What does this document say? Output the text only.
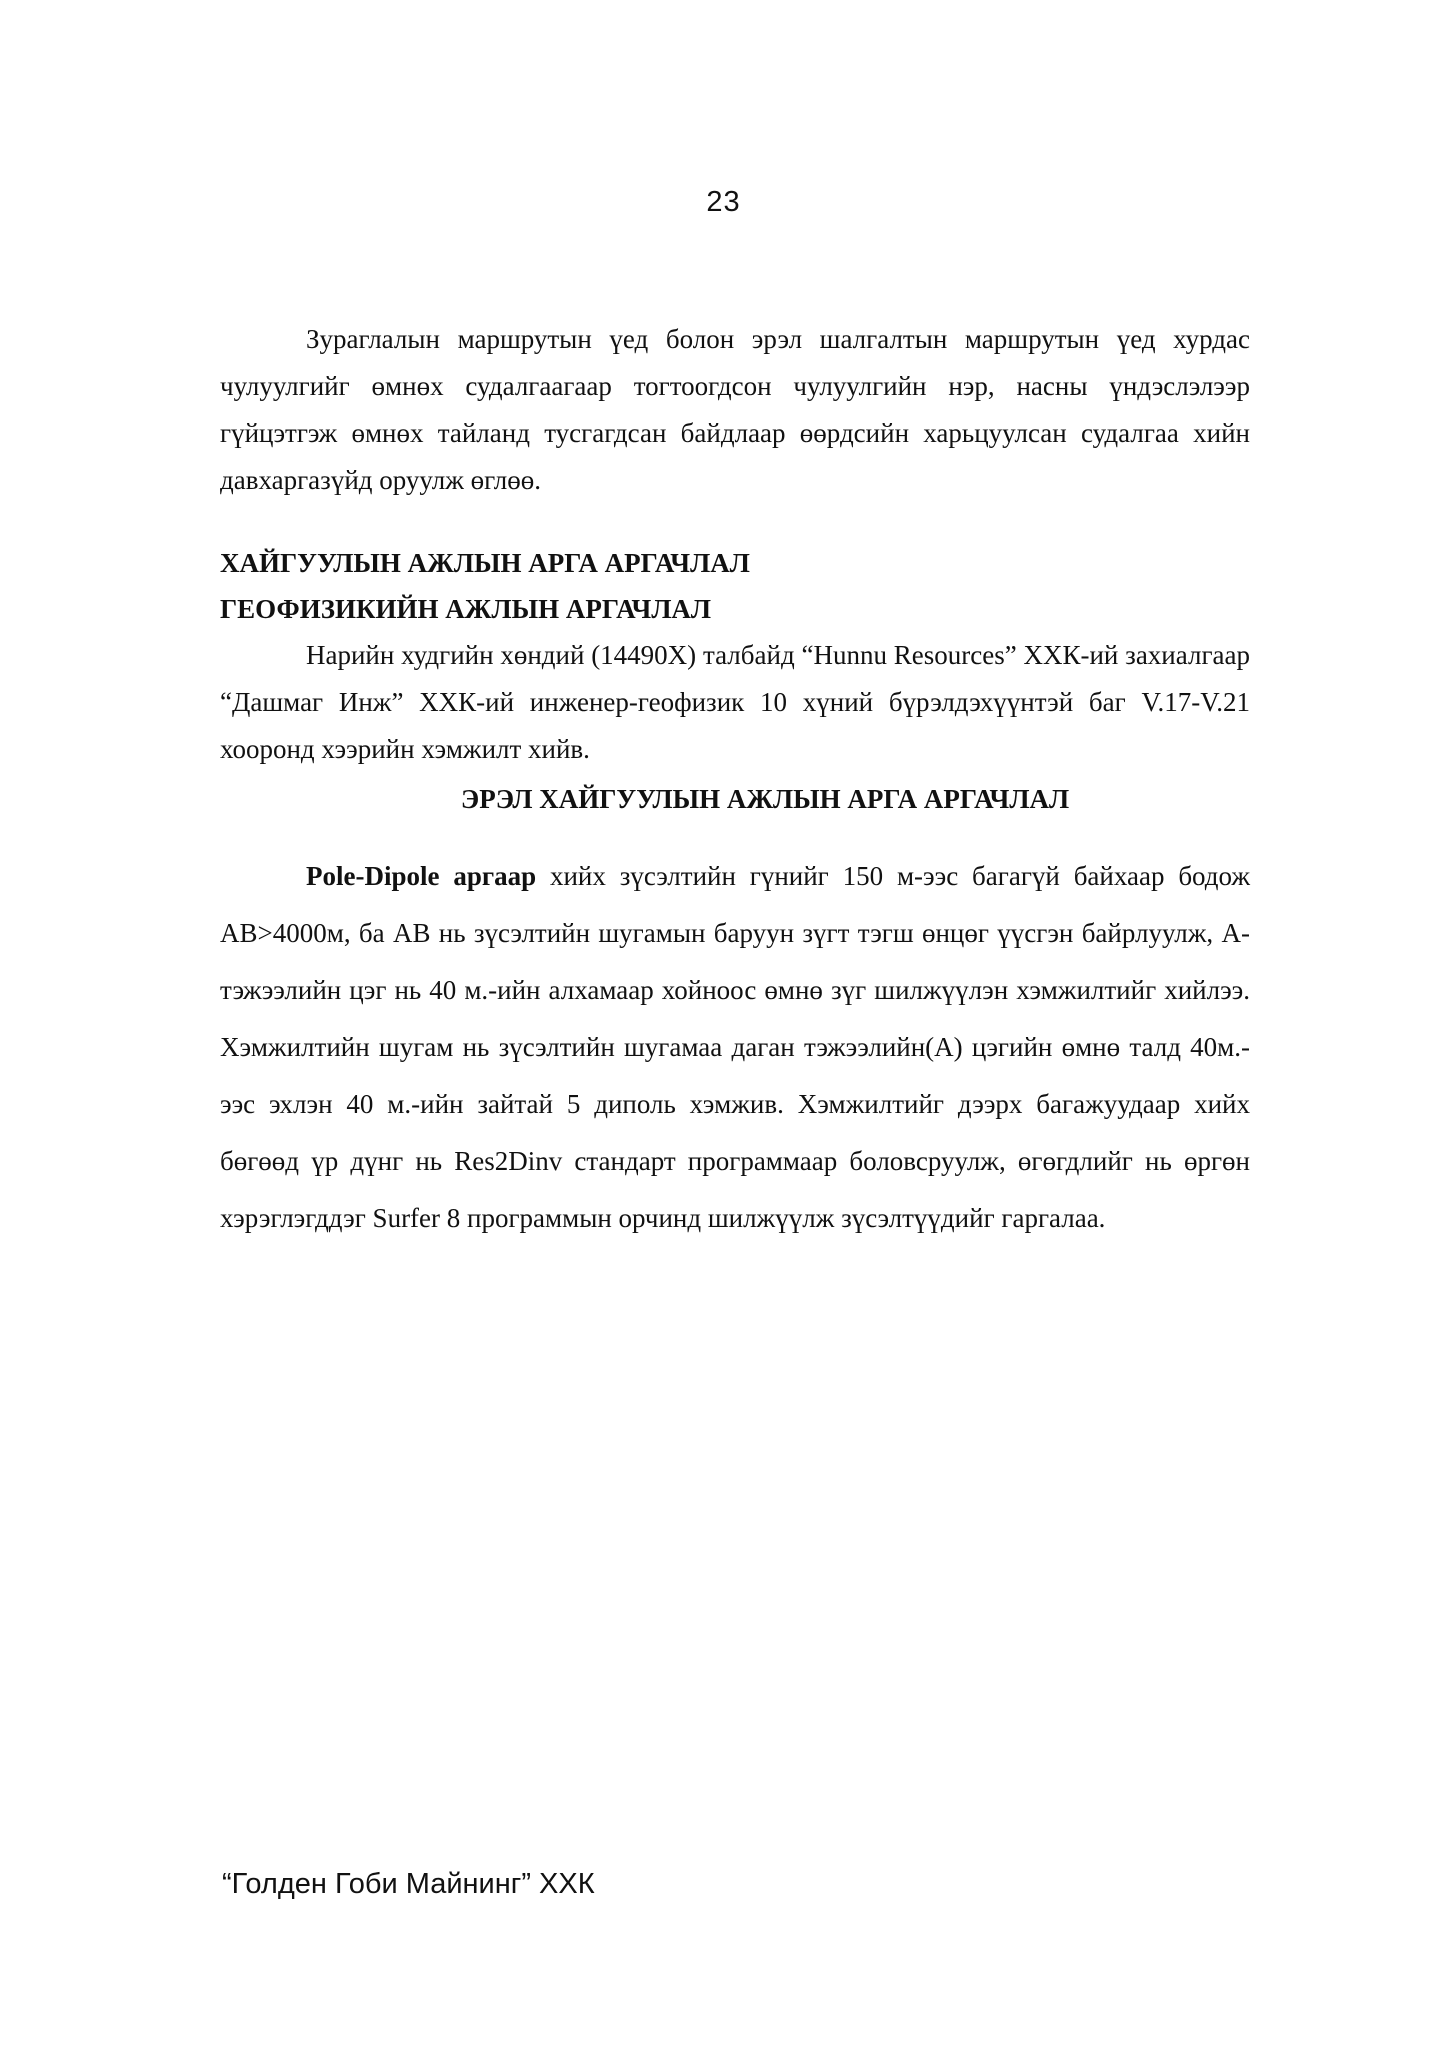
23

Зураглалын маршрутын үед болон эрэл шалгалтын маршрутын үед хурдас чулуулгийг өмнөх судалгаагаар тогтоогдсон чулуулгийн нэр, насны үндэслэлээр гүйцэтгэж өмнөх тайланд тусгагдсан байдлаар өөрдсийн харьцуулсан судалгаа хийн давхаргазүйд оруулж өглөө.

ХАЙГУУЛЫН АЖЛЫН АРГА АРГАЧЛАЛ
ГЕОФИЗИКИЙН АЖЛЫН АРГАЧЛАЛ

Нарийн худгийн хөндий (14490Х) талбайд “Hunnu Resources” ХХК-ий захиалгаар “Дашмаг Инж” ХХК-ий инженер-геофизик 10 хүний бүрэлдэхүүнтэй баг V.17-V.21 хооронд хээрийн хэмжилт хийв.

ЭРЭЛ ХАЙГУУЛЫН АЖЛЫН АРГА АРГАЧЛАЛ

Pole-Dipole аргаар хийх зүсэлтийн гүнийг 150 м-ээс багагүй байхаар бодож АВ>4000м, ба АВ нь зүсэлтийн шугамын баруун зүгт тэгш өнцөг үүсгэн байрлуулж, А- тэжээлийн цэг нь 40 м.-ийн алхамаар хойноос өмнө зүг шилжүүлэн хэмжилтийг хийлээ. Хэмжилтийн шугам нь зүсэлтийн шугамаа даган тэжээлийн(А) цэгийн өмнө талд 40м.-ээс эхлэн 40 м.-ийн зайтай 5 диполь хэмжив. Хэмжилтийг дээрх багажуудаар хийх бөгөөд үр дүнг нь Res2Dinv стандарт программаар боловсруулж, өгөгдлийг нь өргөн хэрэглэгддэг Surfer 8 программын орчинд шилжүүлж зүсэлтүүдийг гаргалаа.

“Голден Гоби Майнинг” ХХК
